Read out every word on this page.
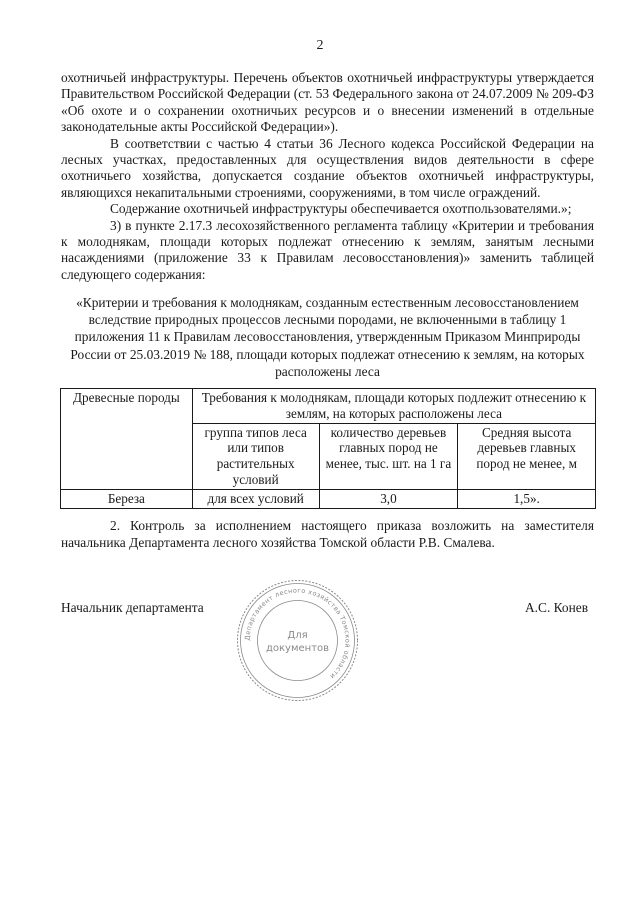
2

охотничьей инфраструктуры. Перечень объектов охотничьей инфраструктуры утверждается Правительством Российской Федерации (ст. 53 Федерального закона от 24.07.2009 № 209-ФЗ «Об охоте и о сохранении охотничьих ресурсов и о внесении изменений в отдельные законодательные акты Российской Федерации»).

В соответствии с частью 4 статьи 36 Лесного кодекса Российской Федерации на лесных участках, предоставленных для осуществления видов деятельности в сфере охотничьего хозяйства, допускается создание объектов охотничьей инфраструктуры, являющихся некапитальными строениями, сооружениями, в том числе ограждений.

Содержание охотничьей инфраструктуры обеспечивается охотпользователями.»;

3) в пункте 2.17.3 лесохозяйственного регламента таблицу «Критерии и требования к молоднякам, площади которых подлежат отнесению к землям, занятым лесными насаждениями (приложение 33 к Правилам лесовосстановления)» заменить таблицей следующего содержания:

«Критерии и требования к молоднякам, созданным естественным лесовосстановлением вследствие природных процессов лесными породами, не включенными в таблицу 1 приложения 11 к Правилам лесовосстановления, утвержденным Приказом Минприроды России от 25.03.2019 № 188, площади которых подлежат отнесению к землям, на которых расположены леса
Древесные породы	Требования к молоднякам, площади которых подлежит отнесению к землям, на которых расположены леса		
	группа типов леса или типов растительных условий	количество деревьев главных пород не менее, тыс. шт. на 1 га	Средняя высота деревьев главных пород не менее, м
Береза	для всех условий	3,0	1,5».

2. Контроль за исполнением настоящего приказа возложить на заместителя начальника Департамента лесного хозяйства Томской области Р.В. Смалева.

Начальник департамента	А.С. Конев
Департамент лесного хозяйства Томской области
Для
документов
